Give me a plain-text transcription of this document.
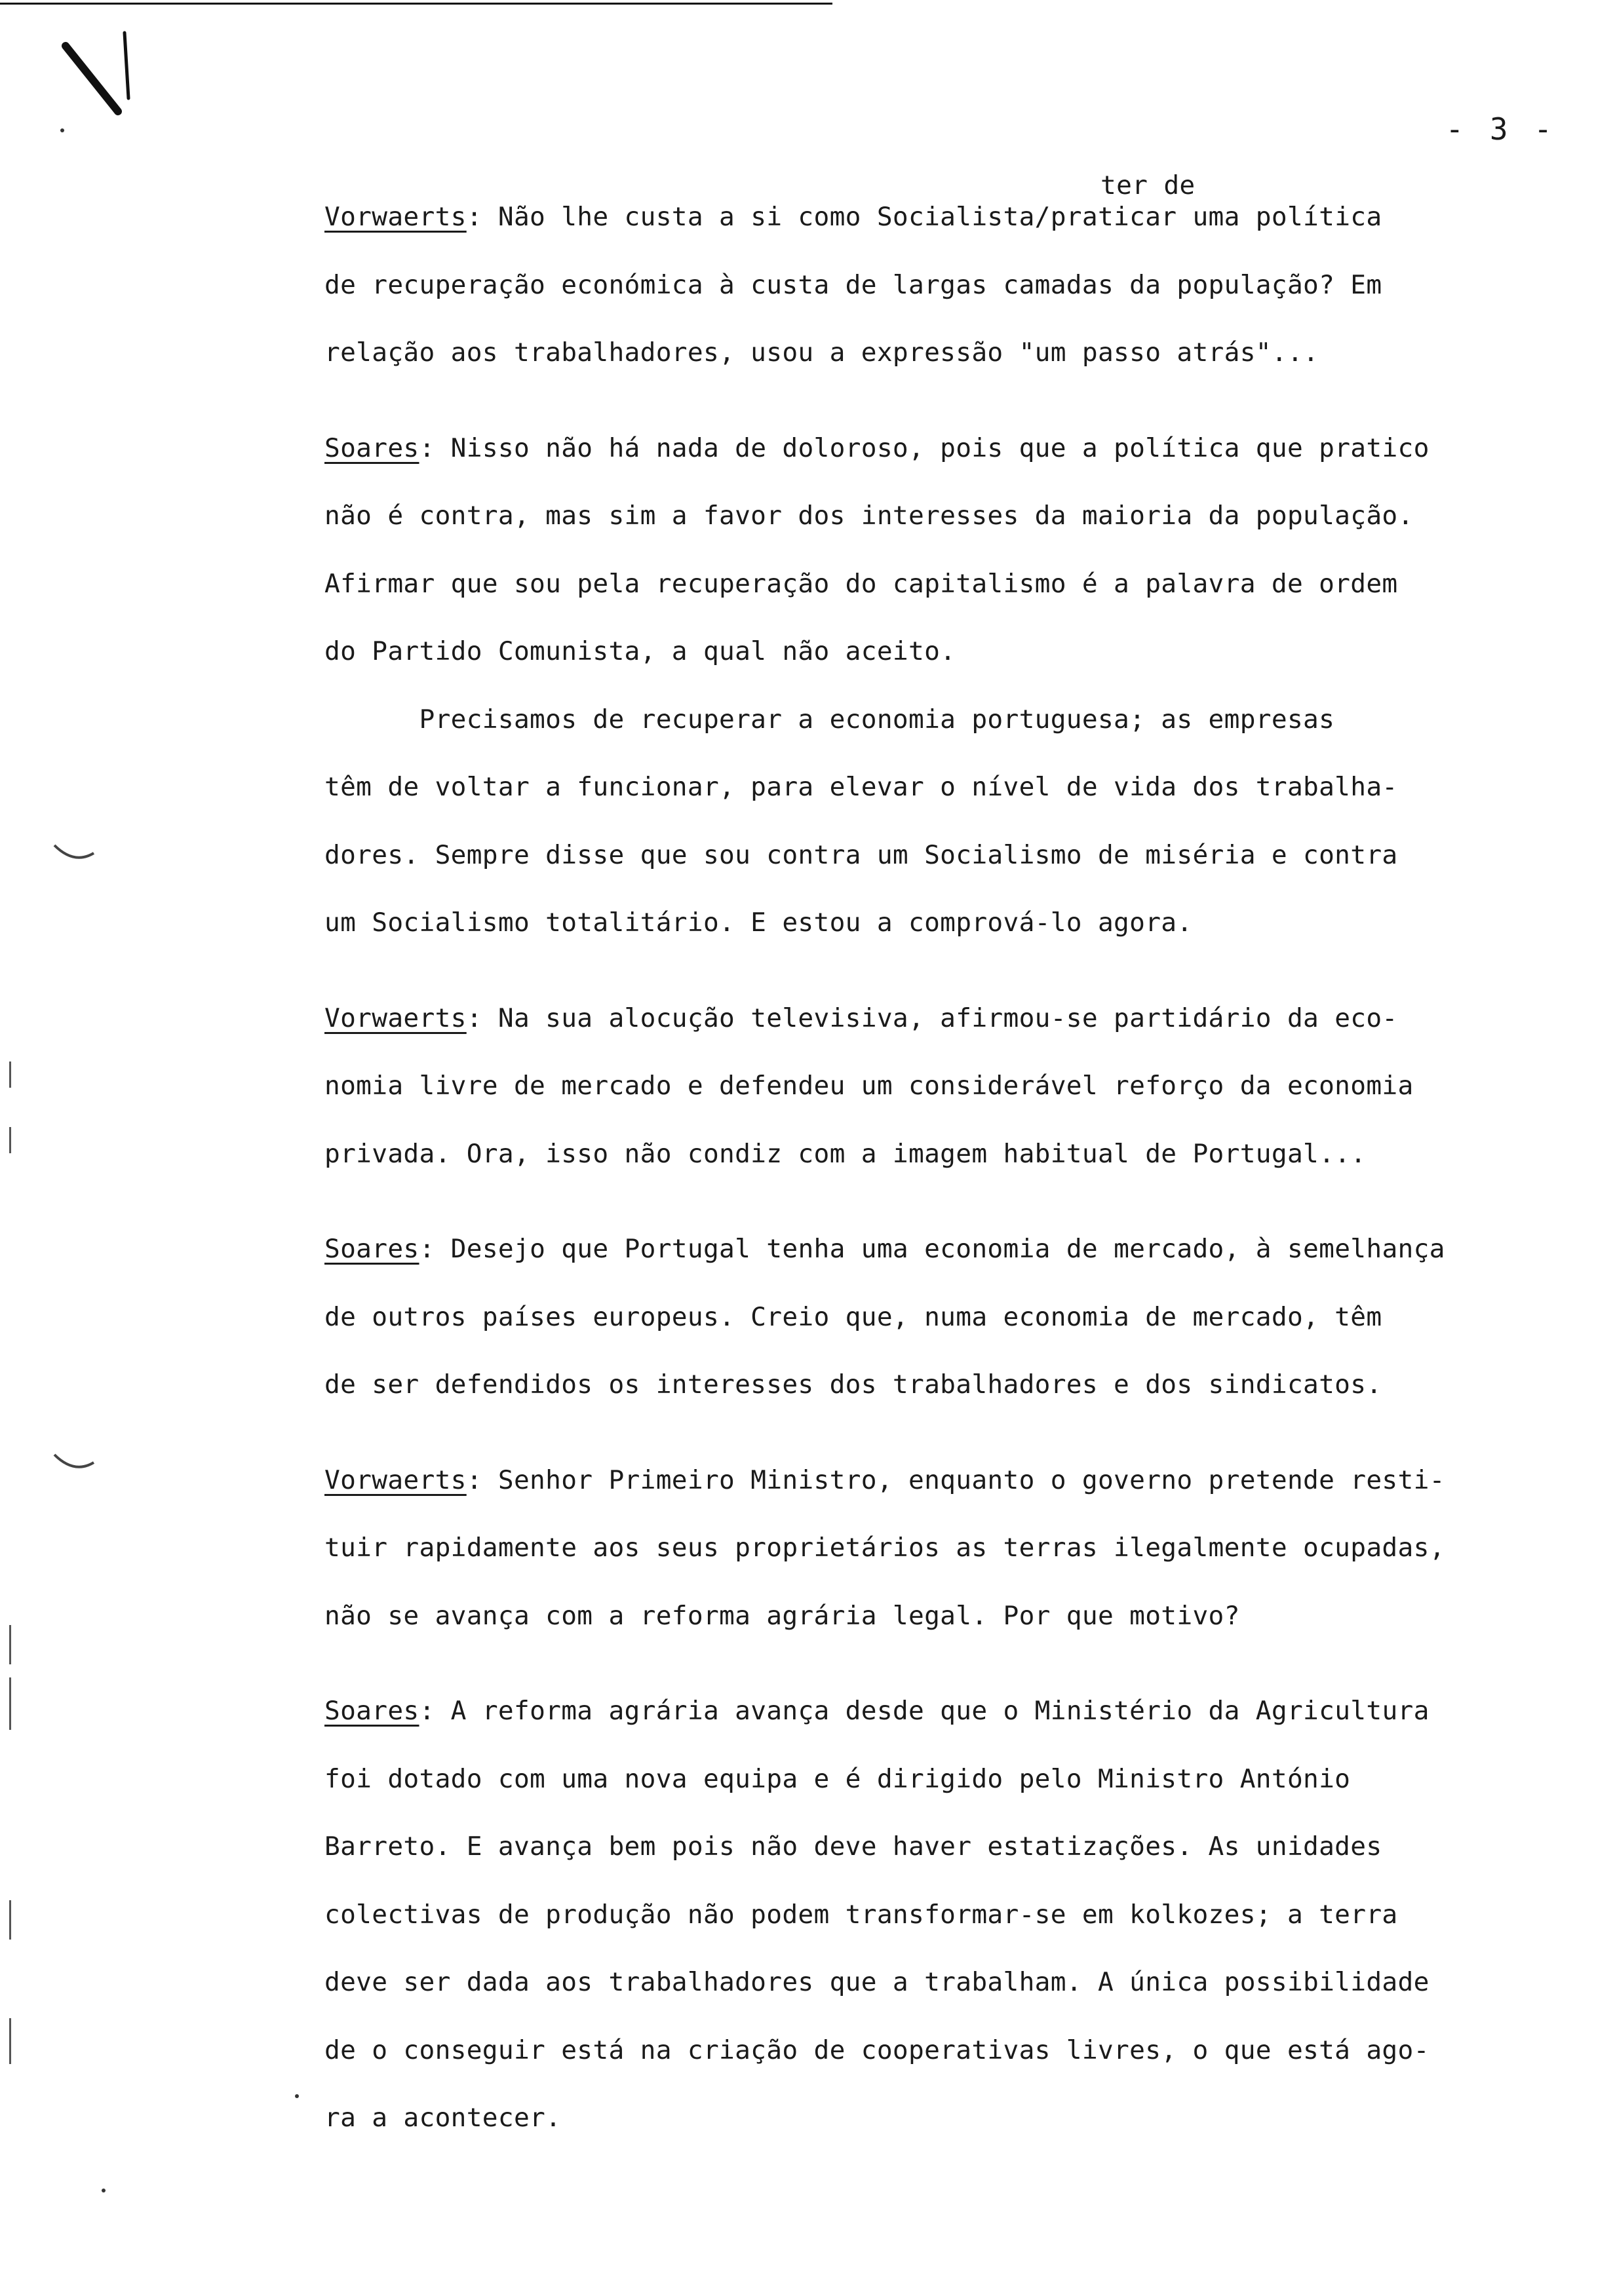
- 3 -
ter de
Vorwaerts: Não lhe custa a si como Socialista/praticar uma política
de recuperação económica à custa de largas camadas da população? Em
relação aos trabalhadores, usou a expressão "um passo atrás"...
Soares: Nisso não há nada de doloroso, pois que a política que pratico
não é contra, mas sim a favor dos interesses da maioria da população.
Afirmar que sou pela recuperação do capitalismo é a palavra de ordem
do Partido Comunista, a qual não aceito.
Precisamos de recuperar a economia portuguesa; as empresas
têm de voltar a funcionar, para elevar o nível de vida dos trabalha-
dores. Sempre disse que sou contra um Socialismo de miséria e contra
um Socialismo totalitário. E estou a comprová-lo agora.
Vorwaerts: Na sua alocução televisiva, afirmou-se partidário da eco-
nomia livre de mercado e defendeu um considerável reforço da economia
privada. Ora, isso não condiz com a imagem habitual de Portugal...
Soares: Desejo que Portugal tenha uma economia de mercado, à semelhança
de outros países europeus. Creio que, numa economia de mercado, têm
de ser defendidos os interesses dos trabalhadores e dos sindicatos.
Vorwaerts: Senhor Primeiro Ministro, enquanto o governo pretende resti-
tuir rapidamente aos seus proprietários as terras ilegalmente ocupadas,
não se avança com a reforma agrária legal. Por que motivo?
Soares: A reforma agrária avança desde que o Ministério da Agricultura
foi dotado com uma nova equipa e é dirigido pelo Ministro António
Barreto. E avança bem pois não deve haver estatizações. As unidades
colectivas de produção não podem transformar-se em kolkozes; a terra
deve ser dada aos trabalhadores que a trabalham. A única possibilidade
de o conseguir está na criação de cooperativas livres, o que está ago-
ra a acontecer.
